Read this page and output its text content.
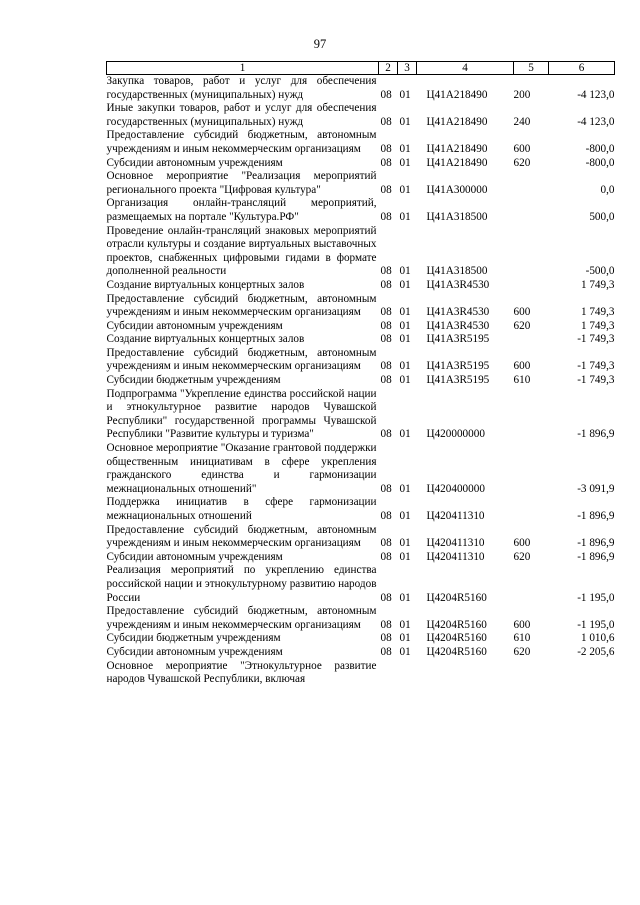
97
1	2	3	4	5	6
Закупка товаров, работ и услуг для обеспечения государственных (муниципальных) нужд	08	01	Ц41А218490	200	-4 123,0
Иные закупки товаров, работ и услуг для обеспечения государственных (муниципальных) нужд	08	01	Ц41А218490	240	-4 123,0
Предоставление субсидий бюджетным, автономным учреждениям и иным некоммерческим организациям	08	01	Ц41А218490	600	-800,0
Субсидии автономным учреждениям	08	01	Ц41А218490	620	-800,0
Основное мероприятие "Реализация мероприятий регионального проекта "Цифровая культура"	08	01	Ц41А300000		0,0
Организация онлайн-трансляций мероприятий, размещаемых на портале "Культура.РФ"	08	01	Ц41А318500		500,0
Проведение онлайн-трансляций знаковых мероприятий отрасли культуры и создание виртуальных выставочных проектов, снабженных цифровыми гидами в формате дополненной реальности	08	01	Ц41А318500		-500,0
Создание виртуальных концертных залов	08	01	Ц41А3R4530		1 749,3
Предоставление субсидий бюджетным, автономным учреждениям и иным некоммерческим организациям	08	01	Ц41А3R4530	600	1 749,3
Субсидии автономным учреждениям	08	01	Ц41А3R4530	620	1 749,3
Создание виртуальных концертных залов	08	01	Ц41А3R5195		-1 749,3
Предоставление субсидий бюджетным, автономным учреждениям и иным некоммерческим организациям	08	01	Ц41А3R5195	600	-1 749,3
Субсидии бюджетным учреждениям	08	01	Ц41А3R5195	610	-1 749,3
Подпрограмма "Укрепление единства российской нации и этнокультурное развитие народов Чувашской Республики" государственной программы Чувашской Республики "Развитие культуры и туризма"	08	01	Ц420000000		-1 896,9
Основное мероприятие "Оказание грантовой поддержки общественным инициативам в сфере укрепления гражданского единства и гармонизации межнациональных отношений"	08	01	Ц420400000		-3 091,9
Поддержка инициатив в сфере гармонизации межнациональных отношений	08	01	Ц420411310		-1 896,9
Предоставление субсидий бюджетным, автономным учреждениям и иным некоммерческим организациям	08	01	Ц420411310	600	-1 896,9
Субсидии автономным учреждениям	08	01	Ц420411310	620	-1 896,9
Реализация мероприятий по укреплению единства российской нации и этнокультурному развитию народов России	08	01	Ц4204R5160		-1 195,0
Предоставление субсидий бюджетным, автономным учреждениям и иным некоммерческим организациям	08	01	Ц4204R5160	600	-1 195,0
Субсидии бюджетным учреждениям	08	01	Ц4204R5160	610	1 010,6
Субсидии автономным учреждениям	08	01	Ц4204R5160	620	-2 205,6
Основное мероприятие "Этнокультурное развитие народов Чувашской Республики, включая					
